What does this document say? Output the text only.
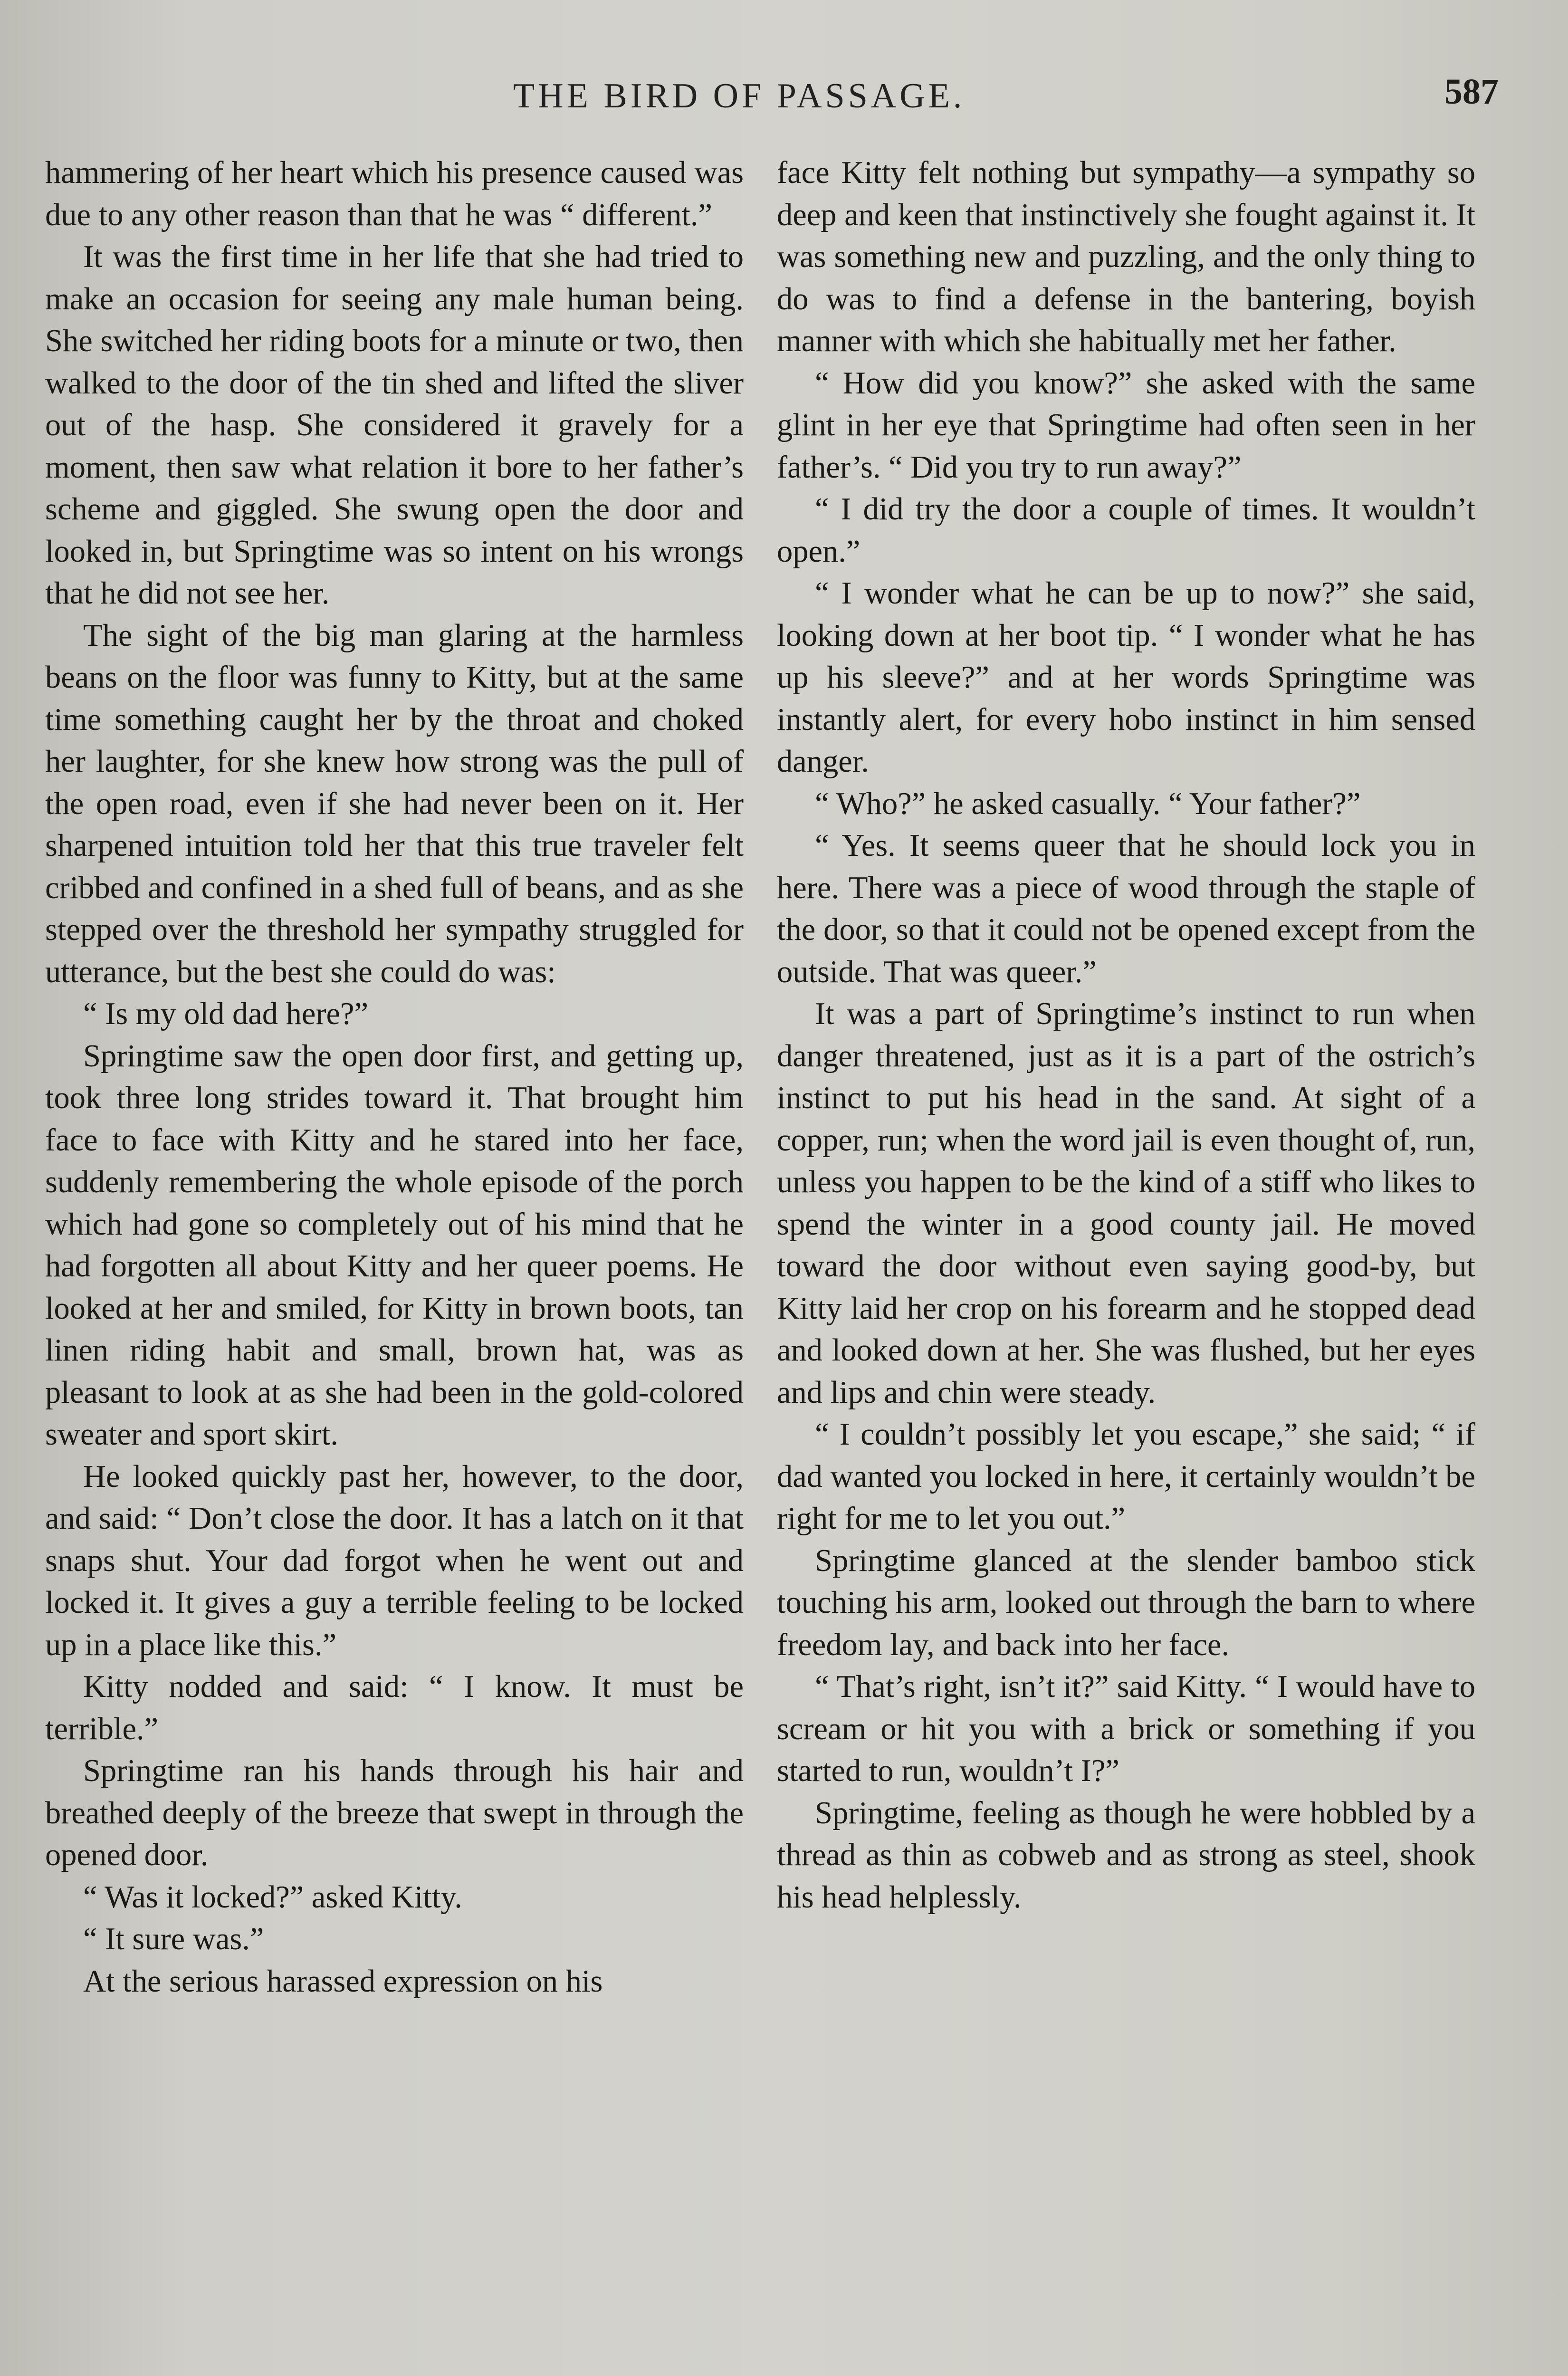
THE BIRD OF PASSAGE.	587

hammering of her heart which his presence caused was due to any other reason than that he was “ different.”

It was the first time in her life that she had tried to make an occasion for seeing any male human being. She switched her riding boots for a minute or two, then walked to the door of the tin shed and lifted the sliver out of the hasp. She considered it gravely for a moment, then saw what relation it bore to her father’s scheme and giggled. She swung open the door and looked in, but Springtime was so intent on his wrongs that he did not see her.

The sight of the big man glaring at the harmless beans on the floor was funny to Kitty, but at the same time something caught her by the throat and choked her laughter, for she knew how strong was the pull of the open road, even if she had never been on it. Her sharpened intuition told her that this true traveler felt cribbed and confined in a shed full of beans, and as she stepped over the threshold her sympathy struggled for utterance, but the best she could do was:

“ Is my old dad here?”

Springtime saw the open door first, and getting up, took three long strides toward it. That brought him face to face with Kitty and he stared into her face, suddenly remembering the whole episode of the porch which had gone so completely out of his mind that he had forgotten all about Kitty and her queer poems. He looked at her and smiled, for Kitty in brown boots, tan linen riding habit and small, brown hat, was as pleasant to look at as she had been in the gold-colored sweater and sport skirt.

He looked quickly past her, however, to the door, and said: “ Don’t close the door. It has a latch on it that snaps shut. Your dad forgot when he went out and locked it. It gives a guy a terrible feeling to be locked up in a place like this.”

Kitty nodded and said: “ I know. It must be terrible.”

Springtime ran his hands through his hair and breathed deeply of the breeze that swept in through the opened door.

“ Was it locked?” asked Kitty.

“ It sure was.”

At the serious harassed expression on his

face Kitty felt nothing but sympathy—a sympathy so deep and keen that instinctively she fought against it. It was something new and puzzling, and the only thing to do was to find a defense in the bantering, boyish manner with which she habitually met her father.

“ How did you know?” she asked with the same glint in her eye that Springtime had often seen in her father’s. “ Did you try to run away?”

“ I did try the door a couple of times. It wouldn’t open.”

“ I wonder what he can be up to now?” she said, looking down at her boot tip. “ I wonder what he has up his sleeve?” and at her words Springtime was instantly alert, for every hobo instinct in him sensed danger.

“ Who?” he asked casually. “ Your father?”

“ Yes. It seems queer that he should lock you in here. There was a piece of wood through the staple of the door, so that it could not be opened except from the outside. That was queer.”

It was a part of Springtime’s instinct to run when danger threatened, just as it is a part of the ostrich’s instinct to put his head in the sand. At sight of a copper, run; when the word jail is even thought of, run, unless you happen to be the kind of a stiff who likes to spend the winter in a good county jail. He moved toward the door without even saying good-by, but Kitty laid her crop on his forearm and he stopped dead and looked down at her. She was flushed, but her eyes and lips and chin were steady.

“ I couldn’t possibly let you escape,” she said; “ if dad wanted you locked in here, it certainly wouldn’t be right for me to let you out.”

Springtime glanced at the slender bamboo stick touching his arm, looked out through the barn to where freedom lay, and back into her face.

“ That’s right, isn’t it?” said Kitty. “ I would have to scream or hit you with a brick or something if you started to run, wouldn’t I?”

Springtime, feeling as though he were hobbled by a thread as thin as cobweb and as strong as steel, shook his head helplessly.
